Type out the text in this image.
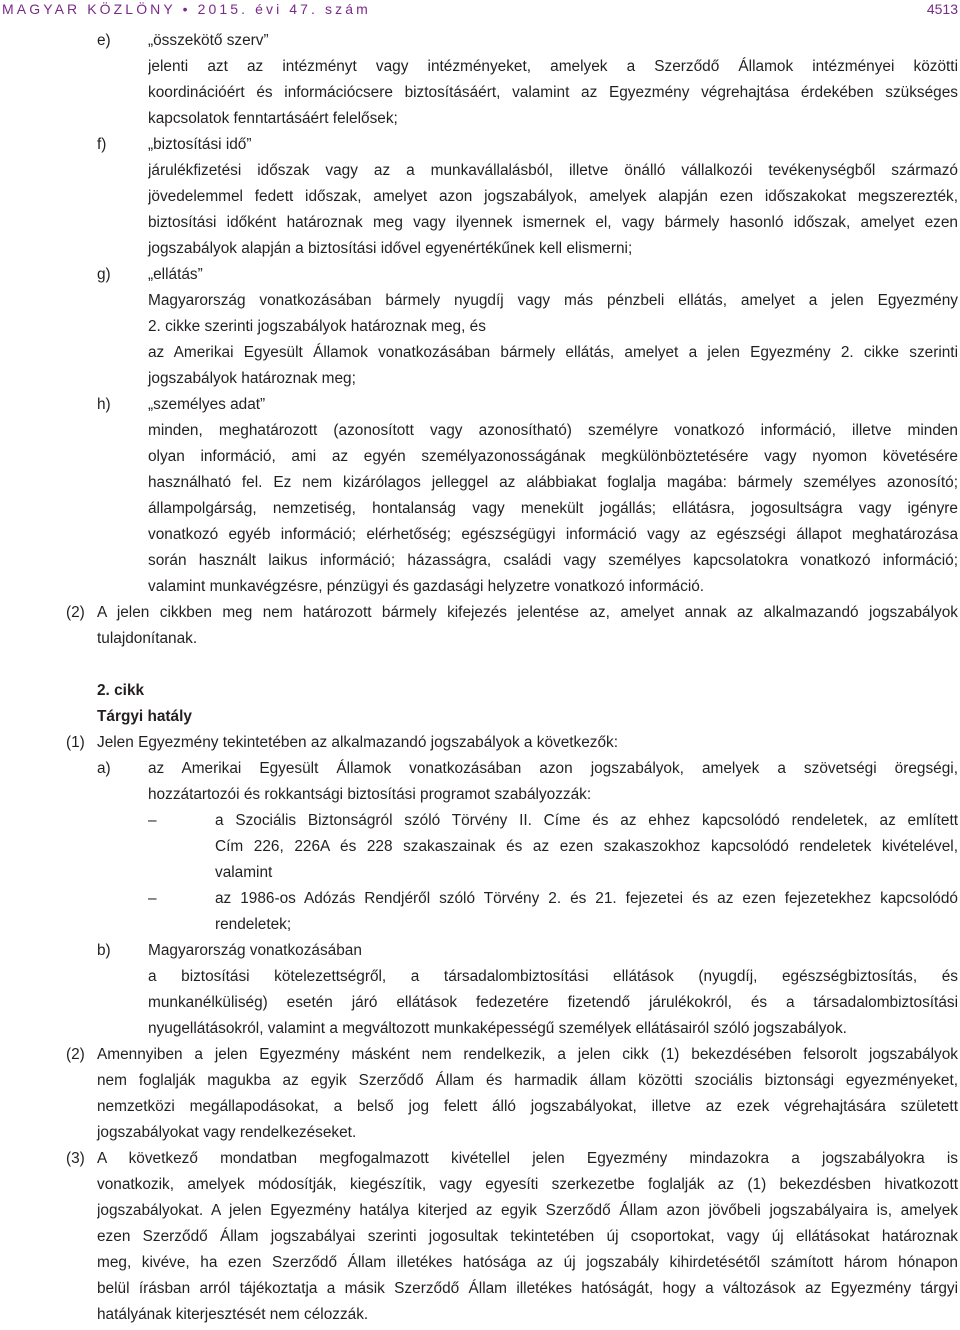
MAGYAR KÖZLÖNY • 2015. évi 47. szám	4513
e) „összekötő szerv”
jelenti azt az intézményt vagy intézményeket, amelyek a Szerződő Államok intézményei közötti
koordinációért és információcsere biztosításáért, valamint az Egyezmény végrehajtása érdekében szükséges
kapcsolatok fenntartásáért felelősek;
f)	„biztosítási idő”
járulékfizetési időszak vagy az a munkavállalásból, illetve önálló vállalkozói tevékenységből származó
jövedelemmel fedett időszak, amelyet azon jogszabályok, amelyek alapján ezen időszakokat megszerezték,
biztosítási időként határoznak meg vagy ilyennek ismernek el, vagy bármely hasonló időszak, amelyet ezen
jogszabályok alapján a biztosítási idővel egyenértékűnek kell elismerni;
g) „ellátás”
Magyarország vonatkozásában bármely nyugdíj vagy más pénzbeli ellátás, amelyet a jelen Egyezmény
2. cikke szerinti jogszabályok határoznak meg, és
az Amerikai Egyesült Államok vonatkozásában bármely ellátás, amelyet a jelen Egyezmény 2. cikke szerinti
jogszabályok határoznak meg;
h) „személyes adat”
minden, meghatározott (azonosított vagy azonosítható) személyre vonatkozó információ, illetve minden
olyan információ, ami az egyén személyazonosságának megkülönböztetésére vagy nyomon követésére
használható fel. Ez nem kizárólagos jelleggel az alábbiakat foglalja magába: bármely személyes azonosító;
állampolgárság, nemzetiség, hontalanság vagy menekült jogállás; ellátásra, jogosultságra vagy igényre
vonatkozó egyéb információ; elérhetőség; egészségügyi információ vagy az egészségi állapot meghatározása
során használt laikus információ; házasságra, családi vagy személyes kapcsolatokra vonatkozó információ;
valamint munkavégzésre, pénzügyi és gazdasági helyzetre vonatkozó információ.
(2) A jelen cikkben meg nem határozott bármely kifejezés jelentése az, amelyet annak az alkalmazandó jogszabályok
tulajdonítanak.
2. cikk
Tárgyi hatály
(1) Jelen Egyezmény tekintetében az alkalmazandó jogszabályok a következők:
a) az Amerikai Egyesült Államok vonatkozásában azon jogszabályok, amelyek a szövetségi öregségi,
hozzátartozói és rokkantsági biztosítási programot szabályozzák:
–	a Szociális Biztonságról szóló Törvény II. Címe és az ehhez kapcsolódó rendeletek, az említett
Cím 226, 226A és 228 szakaszainak és az ezen szakaszokhoz kapcsolódó rendeletek kivételével,
valamint
–	az 1986-os Adózás Rendjéről szóló Törvény 2. és 21. fejezetei és az ezen fejezetekhez kapcsolódó
rendeletek;
b) Magyarország vonatkozásában
a biztosítási kötelezettségről, a társadalombiztosítási ellátások (nyugdíj, egészségbiztosítás, és
munkanélküliség) esetén járó ellátások fedezetére fizetendő járulékokról, és a társadalombiztosítási
nyugellátásokról, valamint a megváltozott munkaképességű személyek ellátásairól szóló jogszabályok.
(2) Amennyiben a jelen Egyezmény másként nem rendelkezik, a jelen cikk (1) bekezdésében felsorolt jogszabályok
nem foglalják magukba az egyik Szerződő Állam és harmadik állam közötti szociális biztonsági egyezményeket,
nemzetközi megállapodásokat, a belső jog felett álló jogszabályokat, illetve az ezek végrehajtására született
jogszabályokat vagy rendelkezéseket.
(3) A következő mondatban megfogalmazott kivétellel jelen Egyezmény mindazokra a jogszabályokra is
vonatkozik, amelyek módosítják, kiegészítik, vagy egyesíti szerkezetbe foglalják az (1) bekezdésben hivatkozott
jogszabályokat. A jelen Egyezmény hatálya kiterjed az egyik Szerződő Állam azon jövőbeli jogszabályaira is, amelyek
ezen Szerződő Állam jogszabályai szerinti jogosultak tekintetében új csoportokat, vagy új ellátásokat határoznak
meg, kivéve, ha ezen Szerződő Állam illetékes hatósága az új jogszabály kihirdetésétől számított három hónapon
belül írásban arról tájékoztatja a másik Szerződő Állam illetékes hatóságát, hogy a változások az Egyezmény tárgyi
hatályának kiterjesztését nem célozzák.
